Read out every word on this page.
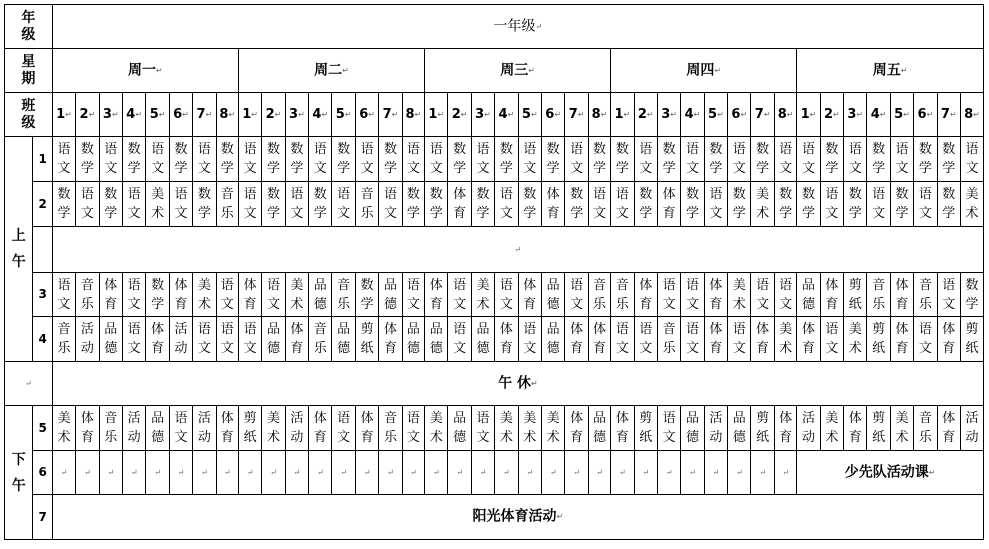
年级		一年级↵																																							
星期		周一↵								周二↵								周三↵								周四↵								周五↵							
班级		1↵	2↵	3↵	4↵	5↵	6↵	7↵	8↵	1↵	2↵	3↵	4↵	5↵	6↵	7↵	8↵	1↵	2↵	3↵	4↵	5↵	6↵	7↵	8↵	1↵	2↵	3↵	4↵	5↵	6↵	7↵	8↵	1↵	2↵	3↵	4↵	5↵	6↵	7↵	8↵
上午	1	语文	数学	语文	数学	语文	数学	语文	数学	语文	数学	数学	语文	数学	语文	数学	语文	语文	数学	语文	数学	语文	数学	语文	数学	数学	语文	数学	语文	数学	语文	数学	语文	语文	数学	语文	数学	语文	数学	数学	语文
	2	数学	语文	数学	语文	美术	语文	数学	音乐	语文	数学	语文	数学	语文	音乐	语文	数学	数学	体育	数学	语文	数学	体育	数学	语文	语文	数学	体育	数学	语文	数学	美术	数学	数学	语文	数学	语文	数学	语文	数学	美术
		↵																																							
	3	语文	音乐	体育	语文	数学	体育	美术	语文	体育	语文	美术	品德	音乐	数学	品德	语文	体育	语文	美术	语文	体育	品德	语文	音乐	音乐	体育	语文	语文	体育	美术	语文	语文	品德	体育	剪纸	音乐	体育	音乐	语文	数学
	4	音乐	活动	品德	语文	体育	活动	语文	语文	语文	品德	体育	音乐	品德	剪纸	体育	品德	品德	语文	品德	体育	语文	品德	体育	体育	语文	语文	音乐	语文	体育	语文	体育	美术	体育	语文	美术	剪纸	体育	语文	体育	剪纸
↵		午 休↵																																							
下午	5	美术	体育	音乐	活动	品德	语文	活动	体育	剪纸	美术	活动	体育	语文	体育	音乐	语文	美术	品德	语文	美术	美术	美术	体育	品德	体育	剪纸	语文	品德	活动	品德	剪纸	体育	活动	美术	体育	剪纸	美术	音乐	体育	活动
	6	↵	↵	↵	↵	↵	↵	↵	↵	↵	↵	↵	↵	↵	↵	↵	↵	↵	↵	↵	↵	↵	↵	↵	↵	↵	↵	↵	↵	↵	↵	↵	↵	少先队活动课↵							
	7	阳光体育活动↵																																							
